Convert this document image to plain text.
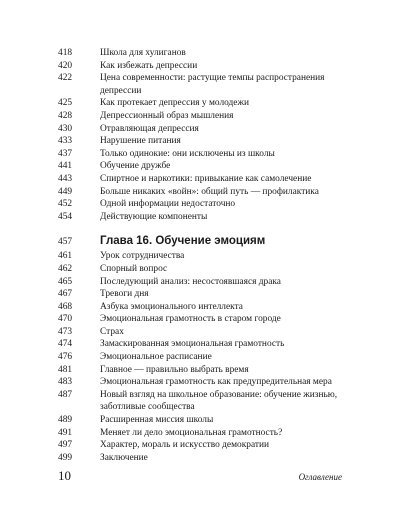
418	Школа для хулиганов
420	Как избежать депрессии
422	Цена современности: растущие темпы распространения депрессии
425	Как протекает депрессия у молодежи
428	Депрессионный образ мышления
430	Отравляющая депрессия
433	Нарушение питания
437	Только одинокие: они исключены из школы
441	Обучение дружбе
443	Спиртное и наркотики: привыкание как самолечение
449	Больше никаких «войн»: общий путь — профилактика
452	Одной информации недостаточно
454	Действующие компоненты
457	Глава 16. Обучение эмоциям
461	Урок сотрудничества
462	Спорный вопрос
465	Последующий анализ: несостоявшаяся драка
467	Тревоги дня
468	Азбука эмоционального интеллекта
470	Эмоциональная грамотность в старом городе
473	Страх
474	Замаскированная эмоциональная грамотность
476	Эмоциональное расписание
481	Главное — правильно выбрать время
483	Эмоциональная грамотность как предупредительная мера
487	Новый взгляд на школьное образование: обучение жизнью, заботливые сообщества
489	Расширенная миссия школы
491	Меняет ли дело эмоциональная грамотность?
497	Характер, мораль и искусство демократии
499	Заключение
10	Оглавление
